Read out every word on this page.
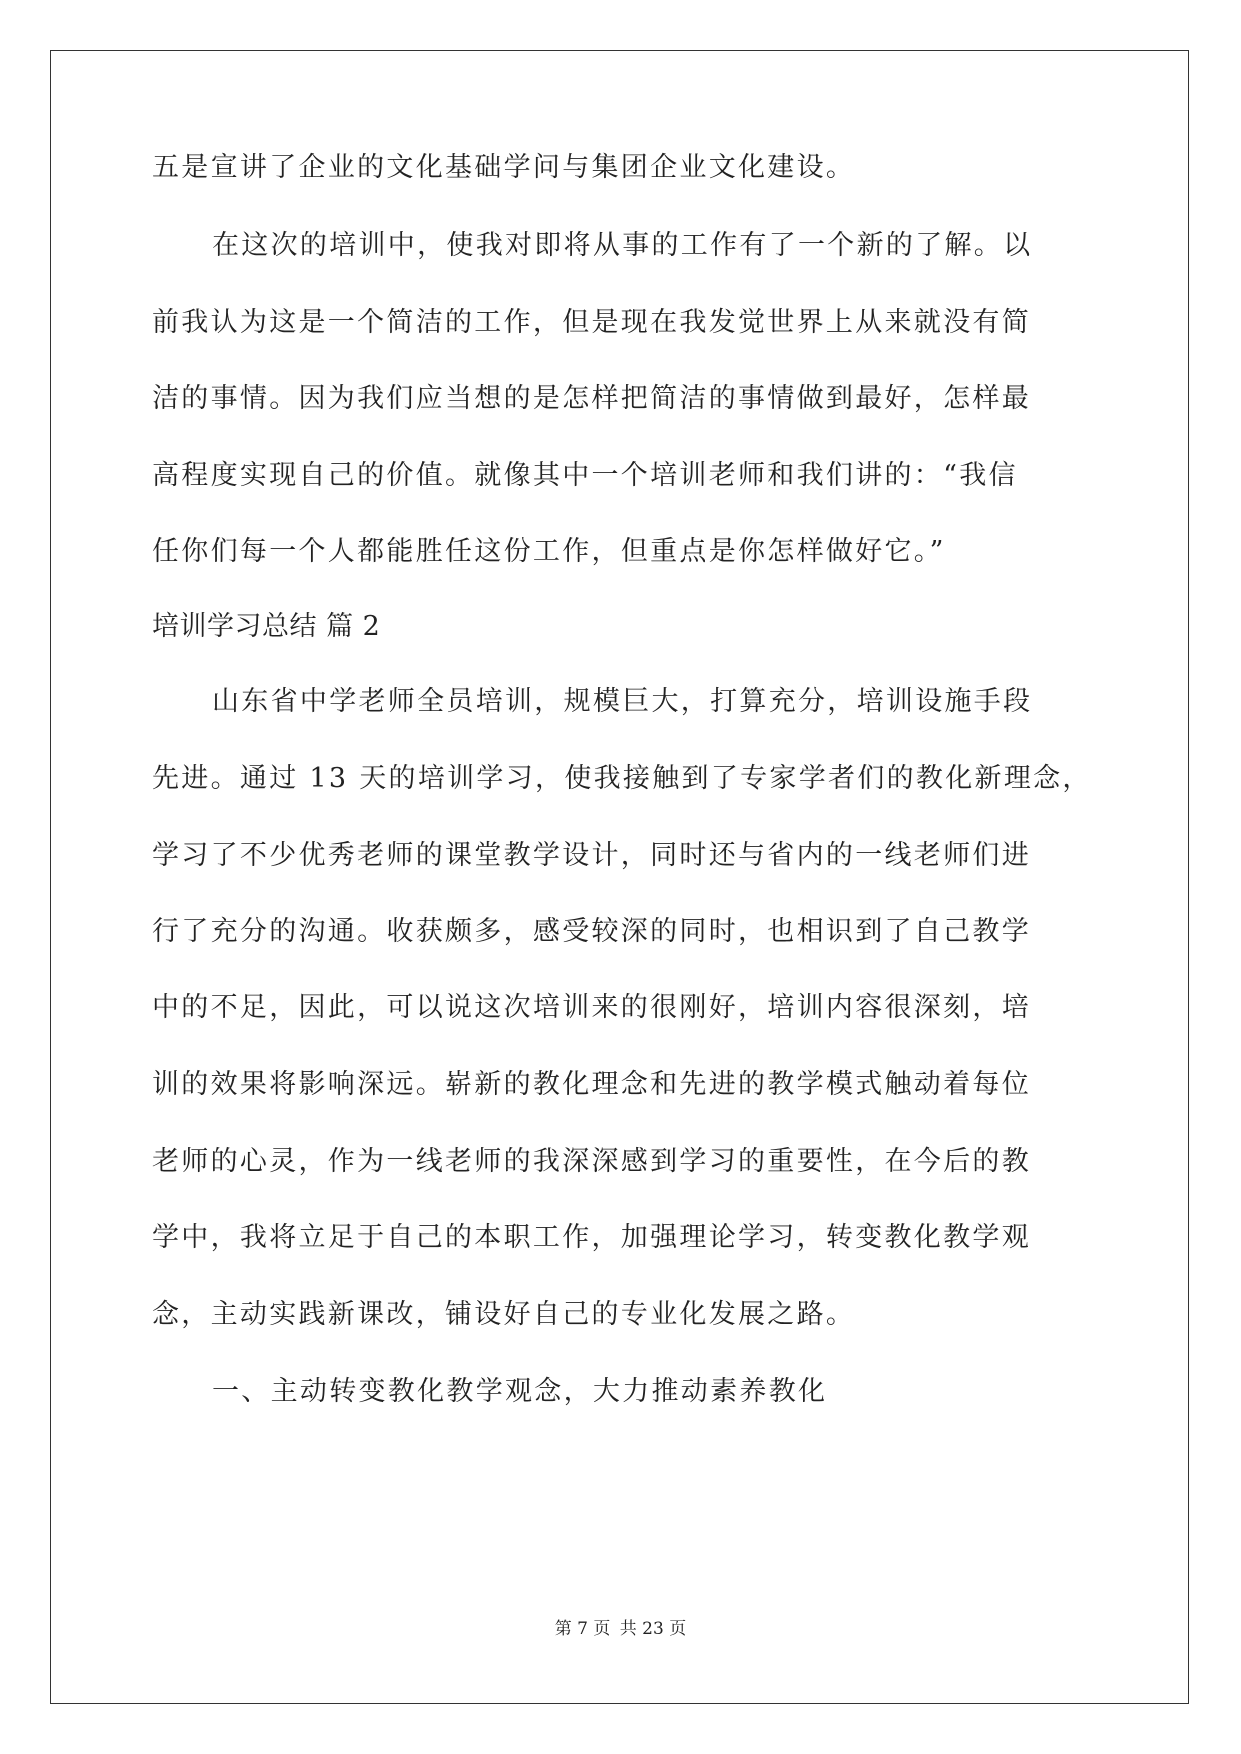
五是宣讲了企业的文化基础学问与集团企业文化建设。
在这次的培训中，使我对即将从事的工作有了一个新的了解。以
前我认为这是一个简洁的工作，但是现在我发觉世界上从来就没有简
洁的事情。因为我们应当想的是怎样把简洁的事情做到最好，怎样最
高程度实现自己的价值。就像其中一个培训老师和我们讲的：“我信
任你们每一个人都能胜任这份工作，但重点是你怎样做好它。”
培训学习总结 篇 2
山东省中学老师全员培训，规模巨大，打算充分，培训设施手段
先进。通过 13 天的培训学习，使我接触到了专家学者们的教化新理念，
学习了不少优秀老师的课堂教学设计，同时还与省内的一线老师们进
行了充分的沟通。收获颇多，感受较深的同时，也相识到了自己教学
中的不足，因此，可以说这次培训来的很刚好，培训内容很深刻，培
训的效果将影响深远。崭新的教化理念和先进的教学模式触动着每位
老师的心灵，作为一线老师的我深深感到学习的重要性，在今后的教
学中，我将立足于自己的本职工作，加强理论学习，转变教化教学观
念，主动实践新课改，铺设好自己的专业化发展之路。
一、主动转变教化教学观念，大力推动素养教化
第 7 页 共 23 页
